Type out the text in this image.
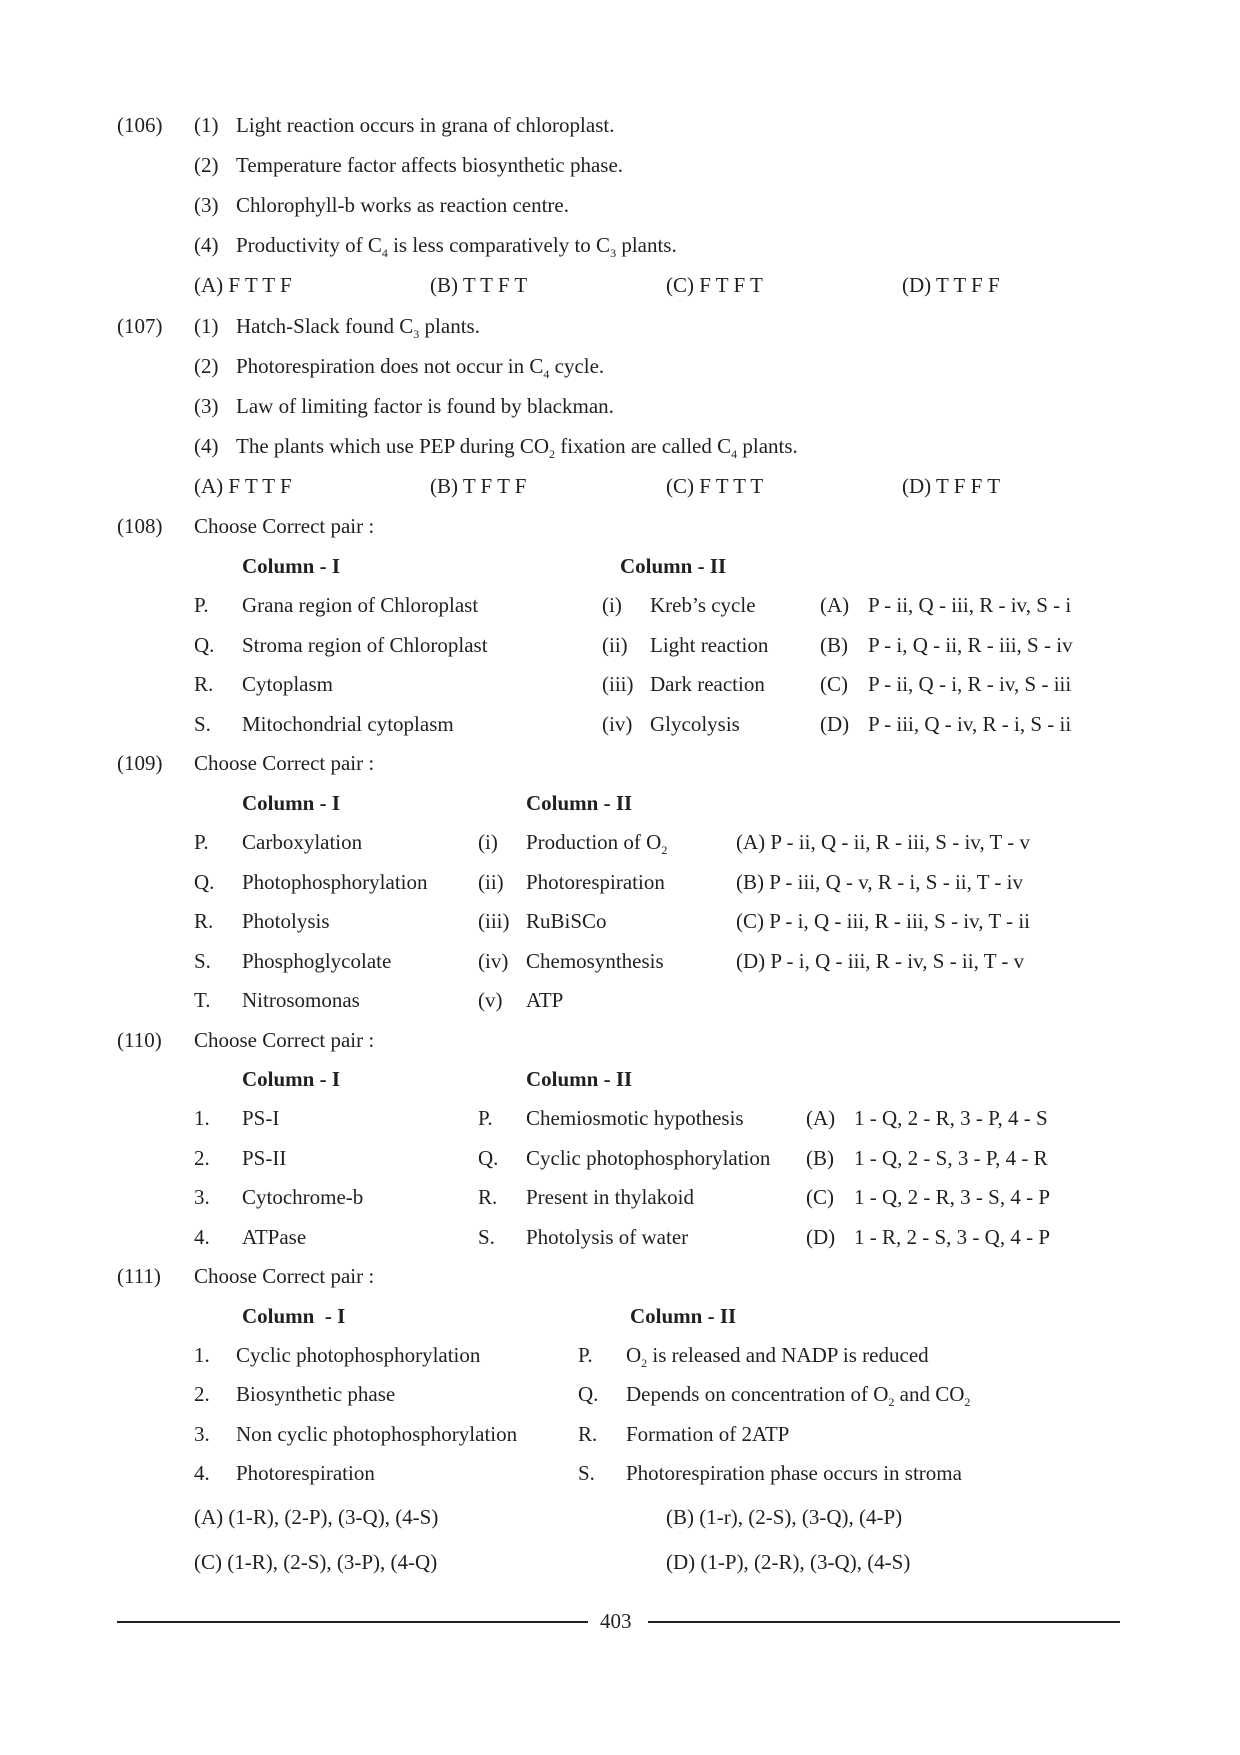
(106) (1) Light reaction occurs in grana of chloroplast.
(2) Temperature factor affects biosynthetic phase.
(3) Chlorophyll-b works as reaction centre.
(4) Productivity of $C_4$ is less comparatively to $C_3$ plants.
(A) F T T F	(B) T T F T	(C) F T F T	(D) T T F F
(107) (1) Hatch-Slack found $C_3$ plants.
(2) Photorespiration does not occur in $C_4$ cycle.
(3) Law of limiting factor is found by blackman.
(4) The plants which use PEP during $CO_2$ fixation are called $C_4$ plants.
(A) F T T F	(B) T F T F	(C) F T T T	(D) T F F T
(108) Choose Correct pair :
Column - I	Column - II
P. Grana region of Chloroplast	(i) Kreb’s cycle	(A) P - ii, Q - iii, R - iv, S - i
Q. Stroma region of Chloroplast	(ii) Light reaction (B) P - i, Q - ii, R - iii, S - iv
R. Cytoplasm	(iii) Dark reaction	(C) P - ii, Q - i, R - iv, S - iii
S. Mitochondrial cytoplasm	(iv) Glycolysis	(D) P - iii, Q - iv, R - i, S - ii
(109) Choose Correct pair :
Column - I	Column - II
P. Carboxylation	(i) Production of $O_2$	(A) P - ii, Q - ii, R - iii, S - iv, T - v
Q. Photophosphorylation (ii) Photorespiration	(B) P - iii, Q - v, R - i, S - ii, T - iv
R. Photolysis	(iii) RuBiSCo	(C) P - i, Q - iii, R - iii, S - iv, T - ii
S. Phosphoglycolate	(iv) Chemosynthesis	(D) P - i, Q - iii, R - iv, S - ii, T - v
T. Nitrosomonas	(v) ATP
(110) Choose Correct pair :
Column - I	Column - II
1. PS-I	P. Chemiosmotic hypothesis	(A) 1 - Q, 2 - R, 3 - P, 4 - S
2. PS-II	Q. Cyclic photophosphorylation (B) 1 - Q, 2 - S, 3 - P, 4 - R
3. Cytochrome-b	R. Present in thylakoid	(C) 1 - Q, 2 - R, 3 - S, 4 - P
4. ATPase	S. Photolysis of water	(D) 1 - R, 2 - S, 3 - Q, 4 - P
(111) Choose Correct pair :
Column  - I	Column - II
1. Cyclic photophosphorylation	P. $O_2$ is released and NADP is reduced
2. Biosynthetic phase	Q. Depends on concentration of $O_2$ and $CO_2$
3. Non cyclic photophosphorylation	R. Formation of 2ATP
4. Photorespiration	S. Photorespiration phase occurs in stroma
(A) (1-R), (2-P), (3-Q), (4-S)	(B) (1-r), (2-S), (3-Q), (4-P)
(C) (1-R), (2-S), (3-P), (4-Q)	(D) (1-P), (2-R), (3-Q), (4-S)
403
